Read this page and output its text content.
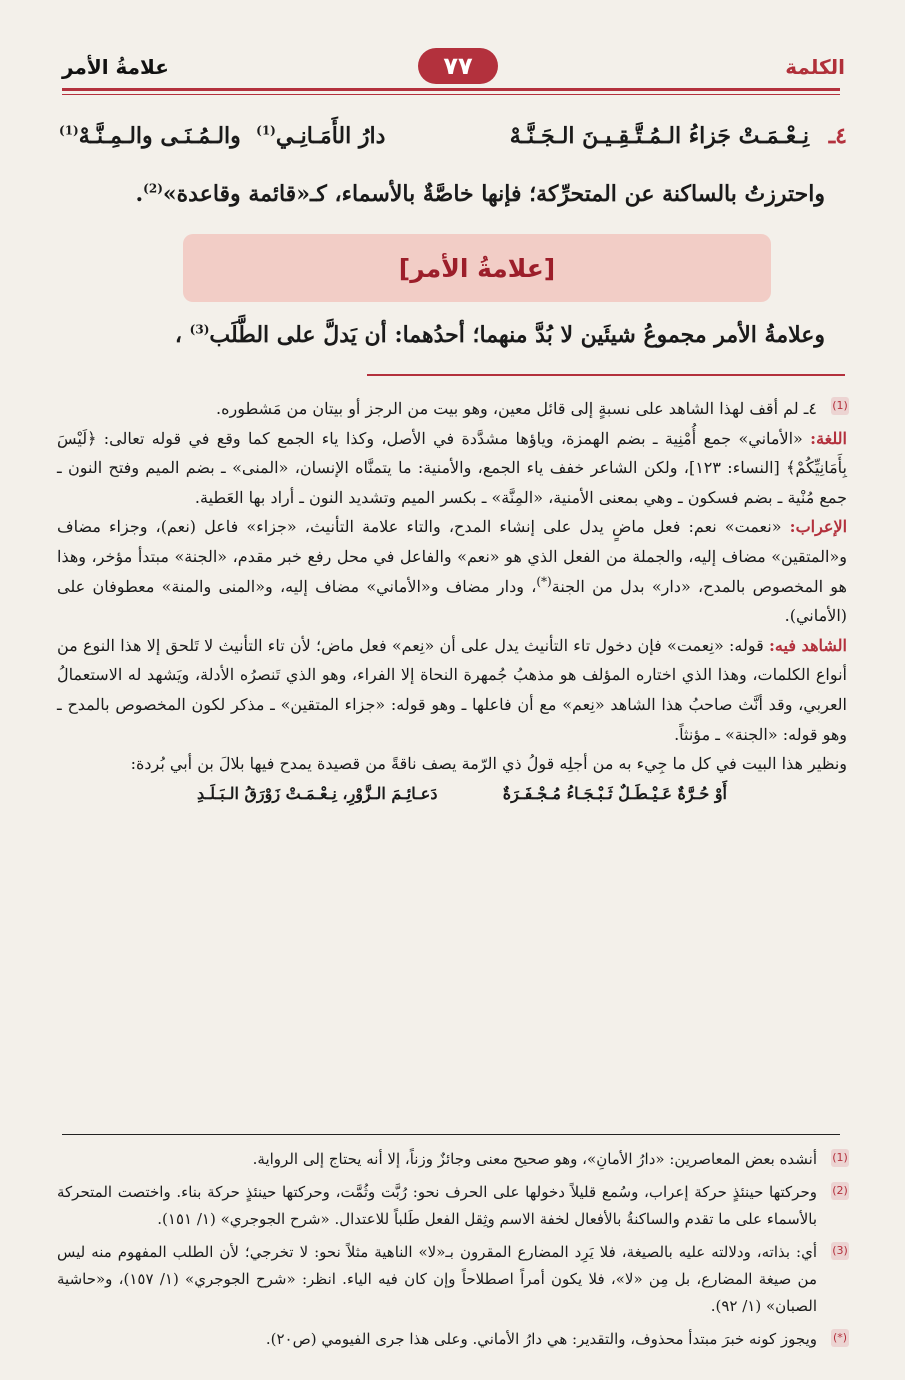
الكلمة
٧٧
علامةُ الأمر
٤ـ
نِـعْـمَـتْ جَزاءُ الـمُـتَّـقِـيـنَ الـجَـنَّـهْ
دارُ الأَمَـانِـي$^{(1)}$  والـمُـنَـى والـمِـنَّـهْ$^{(1)}$
واحترزتُ بالساكنة عن المتحرِّكة؛ فإنها خاصَّةٌ بالأسماء، كـ«قائمة وقاعدة»$^{(2)}$.
[علامةُ الأمر]
وعلامةُ الأمر مجموعُ شيئَين لا بُدَّ منهما؛ أحدُهما: أن يَدلَّ على الطَّلَب$^{(3)}$ ،
(1)

٤ـ لم أقف لهذا الشاهد على نسبةٍ إلى قائل معين، وهو بيت من الرجز أو بيتان من مَشطوره.

اللغة: «الأماني» جمع أُمْنِية ـ بضم الهمزة، وياؤها مشدَّدة في الأصل، وكذا ياء الجمع كما وقع في قوله تعالى: ﴿لَيْسَ بِأَمَانِيِّكُمْ﴾ [النساء: ١٢٣]، ولكن الشاعر خفف ياء الجمع، والأمنية: ما يتمنَّاه الإنسان، «المنى» ـ بضم الميم وفتح النون ـ جمع مُنْية ـ بضم فسكون ـ وهي بمعنى الأمنية، «المِنَّة» ـ بكسر الميم وتشديد النون ـ أراد بها العَطية.

الإعراب: «نعمت» نعم: فعل ماضٍ يدل على إنشاء المدح، والتاء علامة التأنيث، «جزاء» فاعل (نعم)، وجزاء مضاف و«المتقين» مضاف إليه، والجملة من الفعل الذي هو «نعم» والفاعل في محل رفع خبر مقدم، «الجنة» مبتدأ مؤخر، وهذا هو المخصوص بالمدح، «دار» بدل من الجنة(*)، ودار مضاف و«الأماني» مضاف إليه، و«المنى والمنة» معطوفان على (الأماني).

الشاهد فيه: قوله: «نِعمت» فإن دخول تاء التأنيث يدل على أن «نِعم» فعل ماض؛ لأن تاء التأنيث لا تَلحق إلا هذا النوع من أنواع الكلمات، وهذا الذي اختاره المؤلف هو مذهبُ جُمهرة النحاة إلا الفراء، وهو الذي تَنصرُه الأدلة، ويَشهد له الاستعمالُ العربي، وقد أنَّث صاحبُ هذا الشاهد «نِعم» مع أن فاعلها ـ وهو قوله: «جزاء المتقين» ـ مذكر لكون المخصوص بالمدح ـ وهو قوله: «الجنة» ـ مؤنثاً.

ونظير هذا البيت في كل ما جِيء به من أجلِه قولُ ذي الرّمة يصف ناقةً من قصيدة يمدح فيها بلالَ بن أبي بُردة:

أَوْ حُـرَّةٌ عَـيْـطَـلٌ ثَـبْـجَـاءُ مُـجْـفَـرَةٌ
دَعـائِـمَ الـزَّوْرِ، نِـعْـمَـتْ زَوْرَقُ الـبَـلَـدِ
(1)
أنشده بعض المعاصرين: «دارُ الأمانِ»، وهو صحيح معنى وجائزٌ وزناً، إلا أنه يحتاج إلى الرواية.
(2)
وحركتها حينئذٍ حركة إعراب، وسُمع قليلاً دخولها على الحرف نحو: رُبَّت وثُمَّت، وحركتها حينئذٍ حركة بناء. واختصت المتحركة بالأسماء على ما تقدم والساكنةُ بالأفعال لخفة الاسم وثِقل الفعل طَلباً للاعتدال. «شرح الجوجري» (١/ ١٥١).
(3)
أي: بذاته، ودلالته عليه بالصيغة، فلا يَرِد المضارع المقرون بـ«لا» الناهية مثلاً نحو: لا تخرجي؛ لأن الطلب المفهوم منه ليس من صيغة المضارع، بل مِن «لا»، فلا يكون أمراً اصطلاحاً وإن كان فيه الياء. انظر: «شرح الجوجري» (١/ ١٥٧)، و«حاشية الصبان» (١/ ٩٢).
(*)
ويجوز كونه خبرَ مبتدأ محذوف، والتقدير: هي دارُ الأماني. وعلى هذا جرى الفيومي (ص٢٠).
